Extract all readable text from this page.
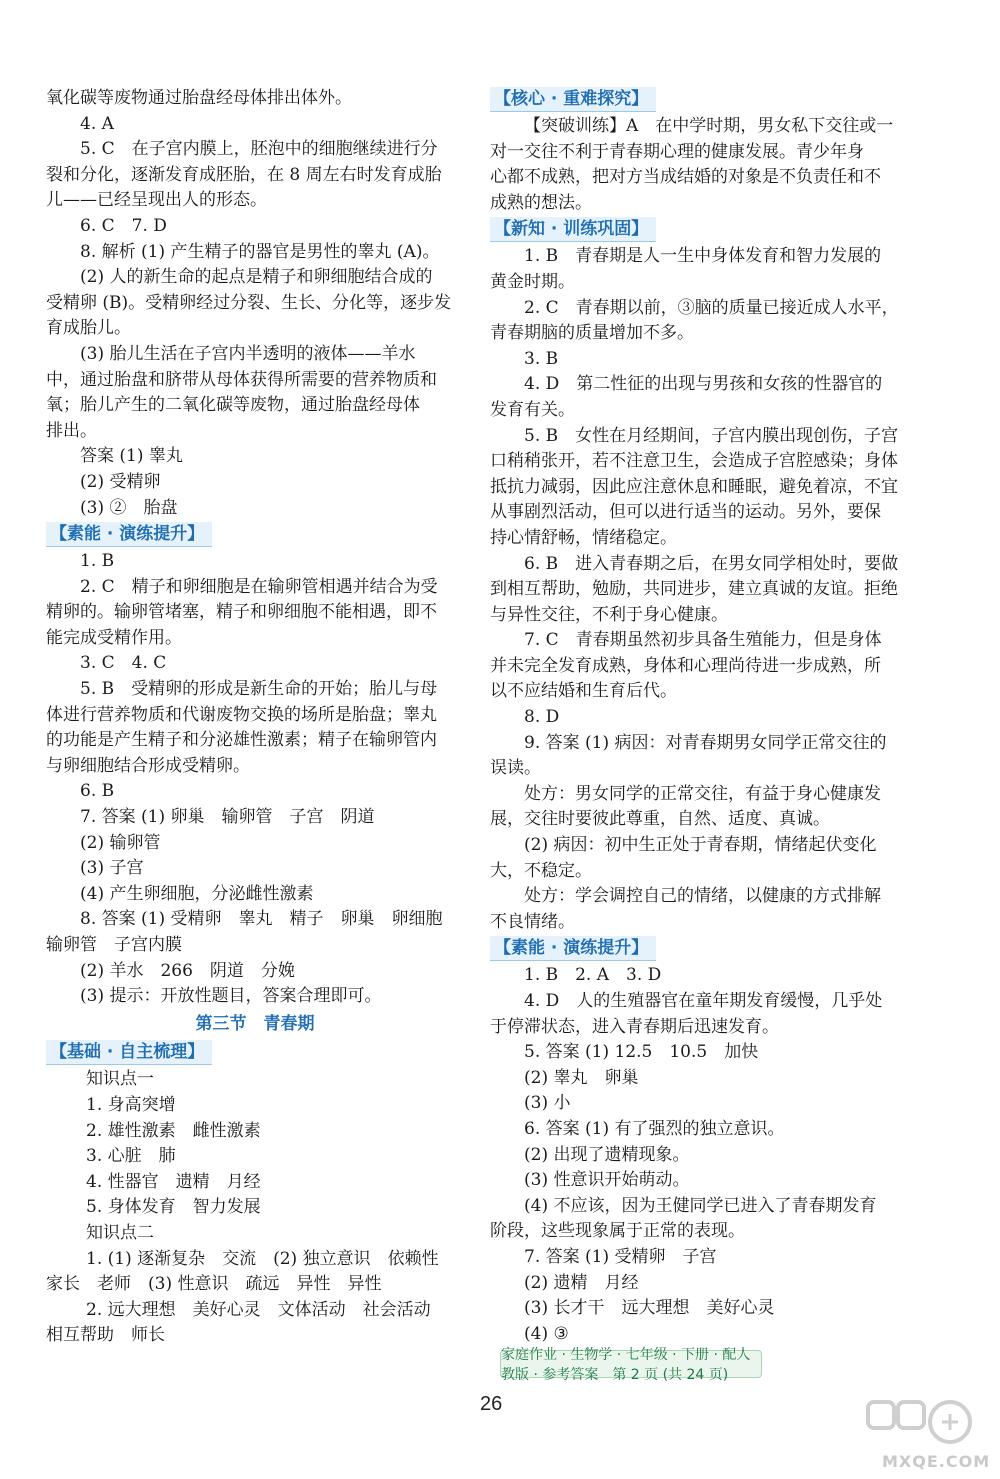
氧化碳等废物通过胎盘经母体排出体外。
4. A
5. C　在子宫内膜上，胚泡中的细胞继续进行分
裂和分化，逐渐发育成胚胎，在 8 周左右时发育成胎
儿——已经呈现出人的形态。
6. C　7. D
8. 解析 (1) 产生精子的器官是男性的睾丸 (A)。
(2) 人的新生命的起点是精子和卵细胞结合成的
受精卵 (B)。受精卵经过分裂、生长、分化等，逐步发
育成胎儿。
(3) 胎儿生活在子宫内半透明的液体——羊水
中，通过胎盘和脐带从母体获得所需要的营养物质和
氧；胎儿产生的二氧化碳等废物，通过胎盘经母体
排出。
答案 (1) 睾丸
(2) 受精卵
(3) ②　胎盘
【素能 · 演练提升】
1. B
2. C　精子和卵细胞是在输卵管相遇并结合为受
精卵的。输卵管堵塞，精子和卵细胞不能相遇，即不
能完成受精作用。
3. C　4. C
5. B　受精卵的形成是新生命的开始；胎儿与母
体进行营养物质和代谢废物交换的场所是胎盘；睾丸
的功能是产生精子和分泌雄性激素；精子在输卵管内
与卵细胞结合形成受精卵。
6. B
7. 答案 (1) 卵巢　输卵管　子宫　阴道
(2) 输卵管
(3) 子宫
(4) 产生卵细胞，分泌雌性激素
8. 答案 (1) 受精卵　睾丸　精子　卵巢　卵细胞
输卵管　子宫内膜
(2) 羊水　266　阴道　分娩
(3) 提示：开放性题目，答案合理即可。
第三节　青春期
【基础 · 自主梳理】
知识点一
1. 身高突增
2. 雄性激素　雌性激素
3. 心脏　肺
4. 性器官　遗精　月经
5. 身体发育　智力发展
知识点二
1. (1) 逐渐复杂　交流　(2) 独立意识　依赖性
家长　老师　(3) 性意识　疏远　异性　异性
2. 远大理想　美好心灵　文体活动　社会活动
相互帮助　师长
【核心 · 重难探究】
【突破训练】A　在中学时期，男女私下交往或一
对一交往不利于青春期心理的健康发展。青少年身
心都不成熟，把对方当成结婚的对象是不负责任和不
成熟的想法。
【新知 · 训练巩固】
1. B　青春期是人一生中身体发育和智力发展的
黄金时期。
2. C　青春期以前，③脑的质量已接近成人水平，
青春期脑的质量增加不多。
3. B
4. D　第二性征的出现与男孩和女孩的性器官的
发育有关。
5. B　女性在月经期间，子宫内膜出现创伤，子宫
口稍稍张开，若不注意卫生，会造成子宫腔感染；身体
抵抗力减弱，因此应注意休息和睡眠，避免着凉，不宜
从事剧烈活动，但可以进行适当的运动。另外，要保
持心情舒畅，情绪稳定。
6. B　进入青春期之后，在男女同学相处时，要做
到相互帮助，勉励，共同进步，建立真诚的友谊。拒绝
与异性交往，不利于身心健康。
7. C　青春期虽然初步具备生殖能力，但是身体
并未完全发育成熟，身体和心理尚待进一步成熟，所
以不应结婚和生育后代。
8. D
9. 答案 (1) 病因：对青春期男女同学正常交往的
误读。
处方：男女同学的正常交往，有益于身心健康发
展，交往时要彼此尊重，自然、适度、真诚。
(2) 病因：初中生正处于青春期，情绪起伏变化
大，不稳定。
处方：学会调控自己的情绪，以健康的方式排解
不良情绪。
【素能 · 演练提升】
1. B　2. A　3. D
4. D　人的生殖器官在童年期发育缓慢，几乎处
于停滞状态，进入青春期后迅速发育。
5. 答案 (1) 12.5　10.5　加快
(2) 睾丸　卵巢
(3) 小
6. 答案 (1) 有了强烈的独立意识。
(2) 出现了遗精现象。
(3) 性意识开始萌动。
(4) 不应该，因为王健同学已进入了青春期发育
阶段，这些现象属于正常的表现。
7. 答案 (1) 受精卵　子宫
(2) 遗精　月经
(3) 长才干　远大理想　美好心灵
(4) ③
家庭作业 · 生物学 · 七年级 · 下册 · 配人教版 · 参考答案　第 2 页 (共 24 页)
26
MXQE.COM
